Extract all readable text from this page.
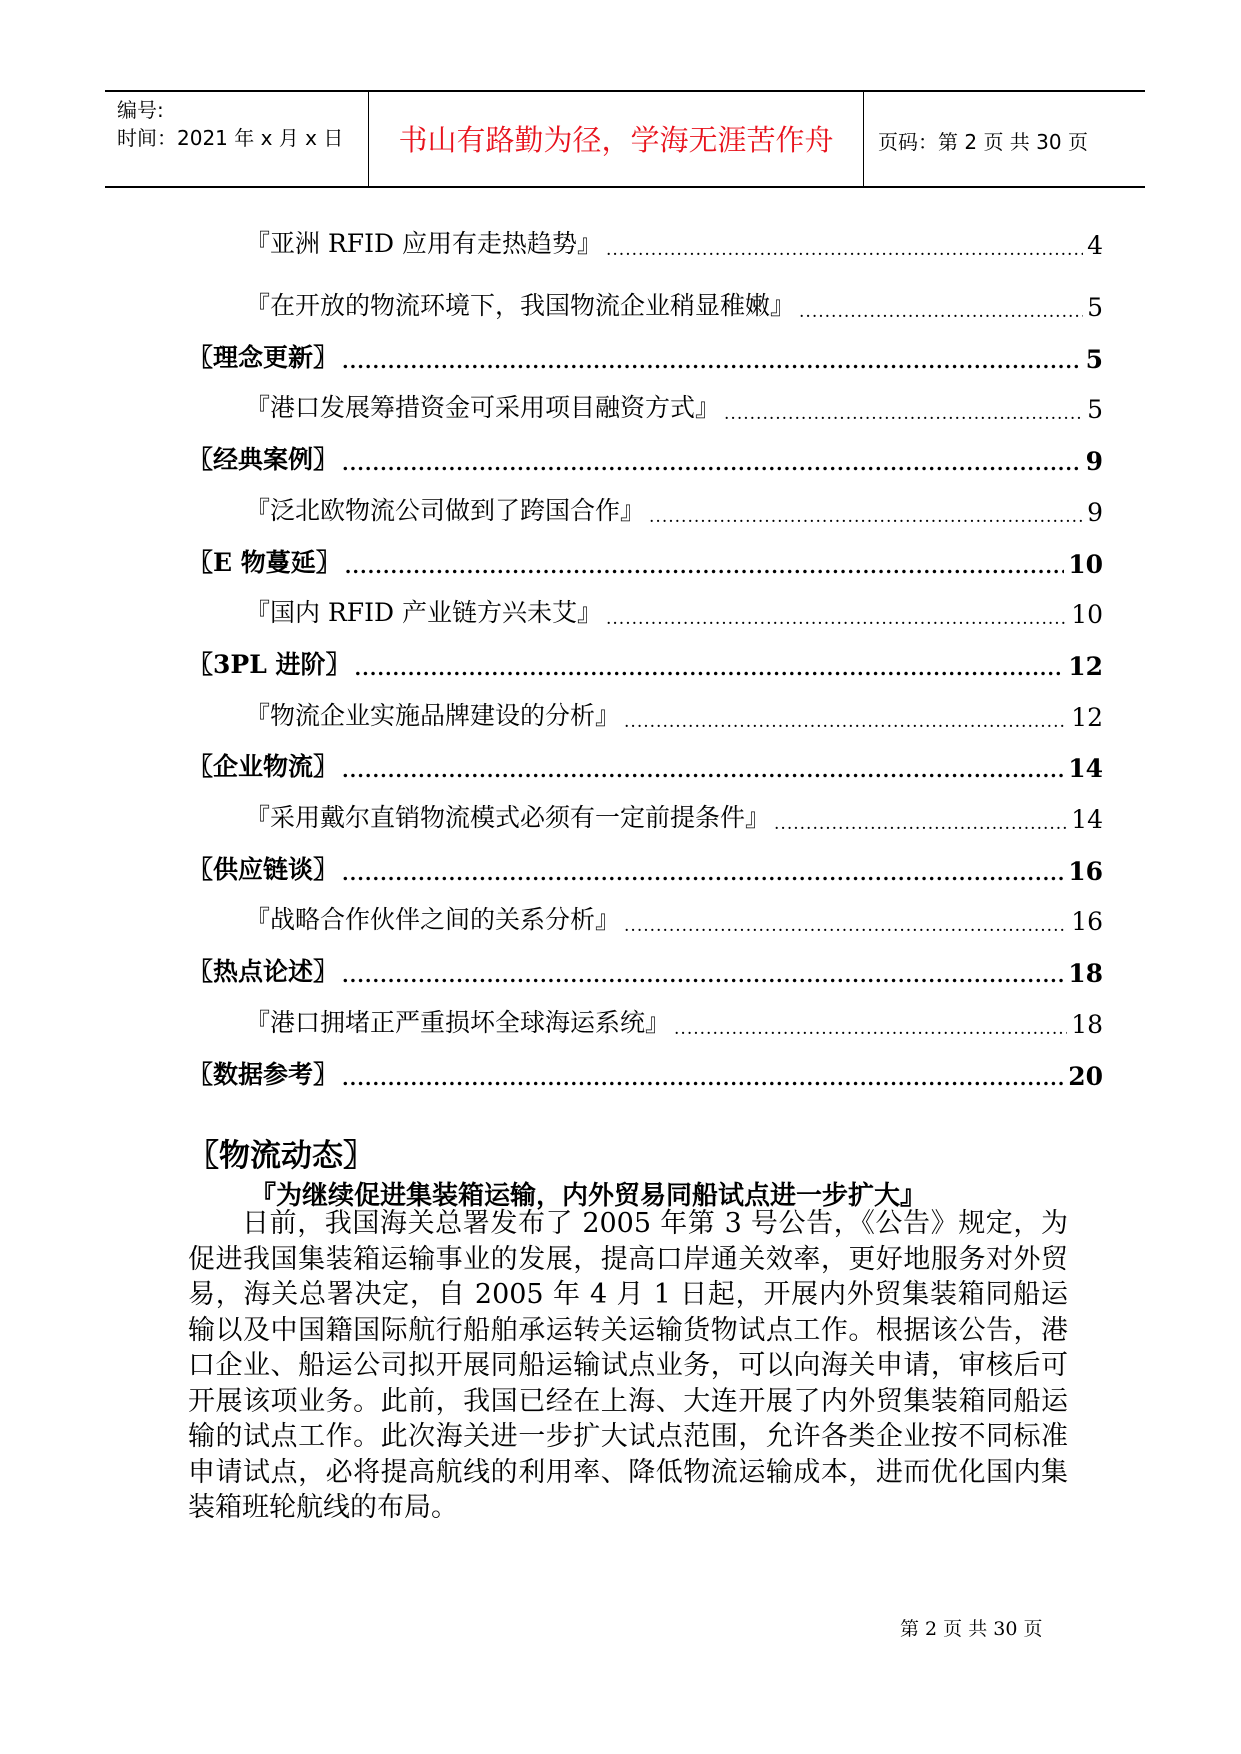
编号:
时间：2021 年 x 月 x 日	书山有路勤为径，学海无涯苦作舟	页码：第 2 页 共 30 页
『亚洲 RFID 应用有走热趋势』 .....	4
『在开放的物流环境下，我国物流企业稍显稚嫩』 .....	5
〖理念更新〗 .....	5
『港口发展筹措资金可采用项目融资方式』 .....	5
〖经典案例〗 .....	9
『泛北欧物流公司做到了跨国合作』 .....	9
〖E 物蔓延〗 .....	10
『国内 RFID 产业链方兴未艾』 .....	10
〖3PL 进阶〗 .....	12
『物流企业实施品牌建设的分析』 .....	12
〖企业物流〗 .....	14
『采用戴尔直销物流模式必须有一定前提条件』 .....	14
〖供应链谈〗 .....	16
『战略合作伙伴之间的关系分析』 .....	16
〖热点论述〗 .....	18
『港口拥堵正严重损坏全球海运系统』 .....	18
〖数据参考〗 .....	20
〖物流动态〗
『为继续促进集装箱运输，内外贸易同船试点进一步扩大』
日前，我国海关总署发布了 2005 年第 3 号公告，《公告》规定，为促进我国集装箱运输事业的发展，提高口岸通关效率，更好地服务对外贸易，海关总署决定，自 2005 年 4 月 1 日起，开展内外贸集装箱同船运输以及中国籍国际航行船舶承运转关运输货物试点工作。根据该公告，港口企业、船运公司拟开展同船运输试点业务，可以向海关申请，审核后可开展该项业务。此前，我国已经在上海、大连开展了内外贸集装箱同船运输的试点工作。此次海关进一步扩大试点范围，允许各类企业按不同标准申请试点，必将提高航线的利用率、降低物流运输成本，进而优化国内集装箱班轮航线的布局。
第 2 页 共 30 页
